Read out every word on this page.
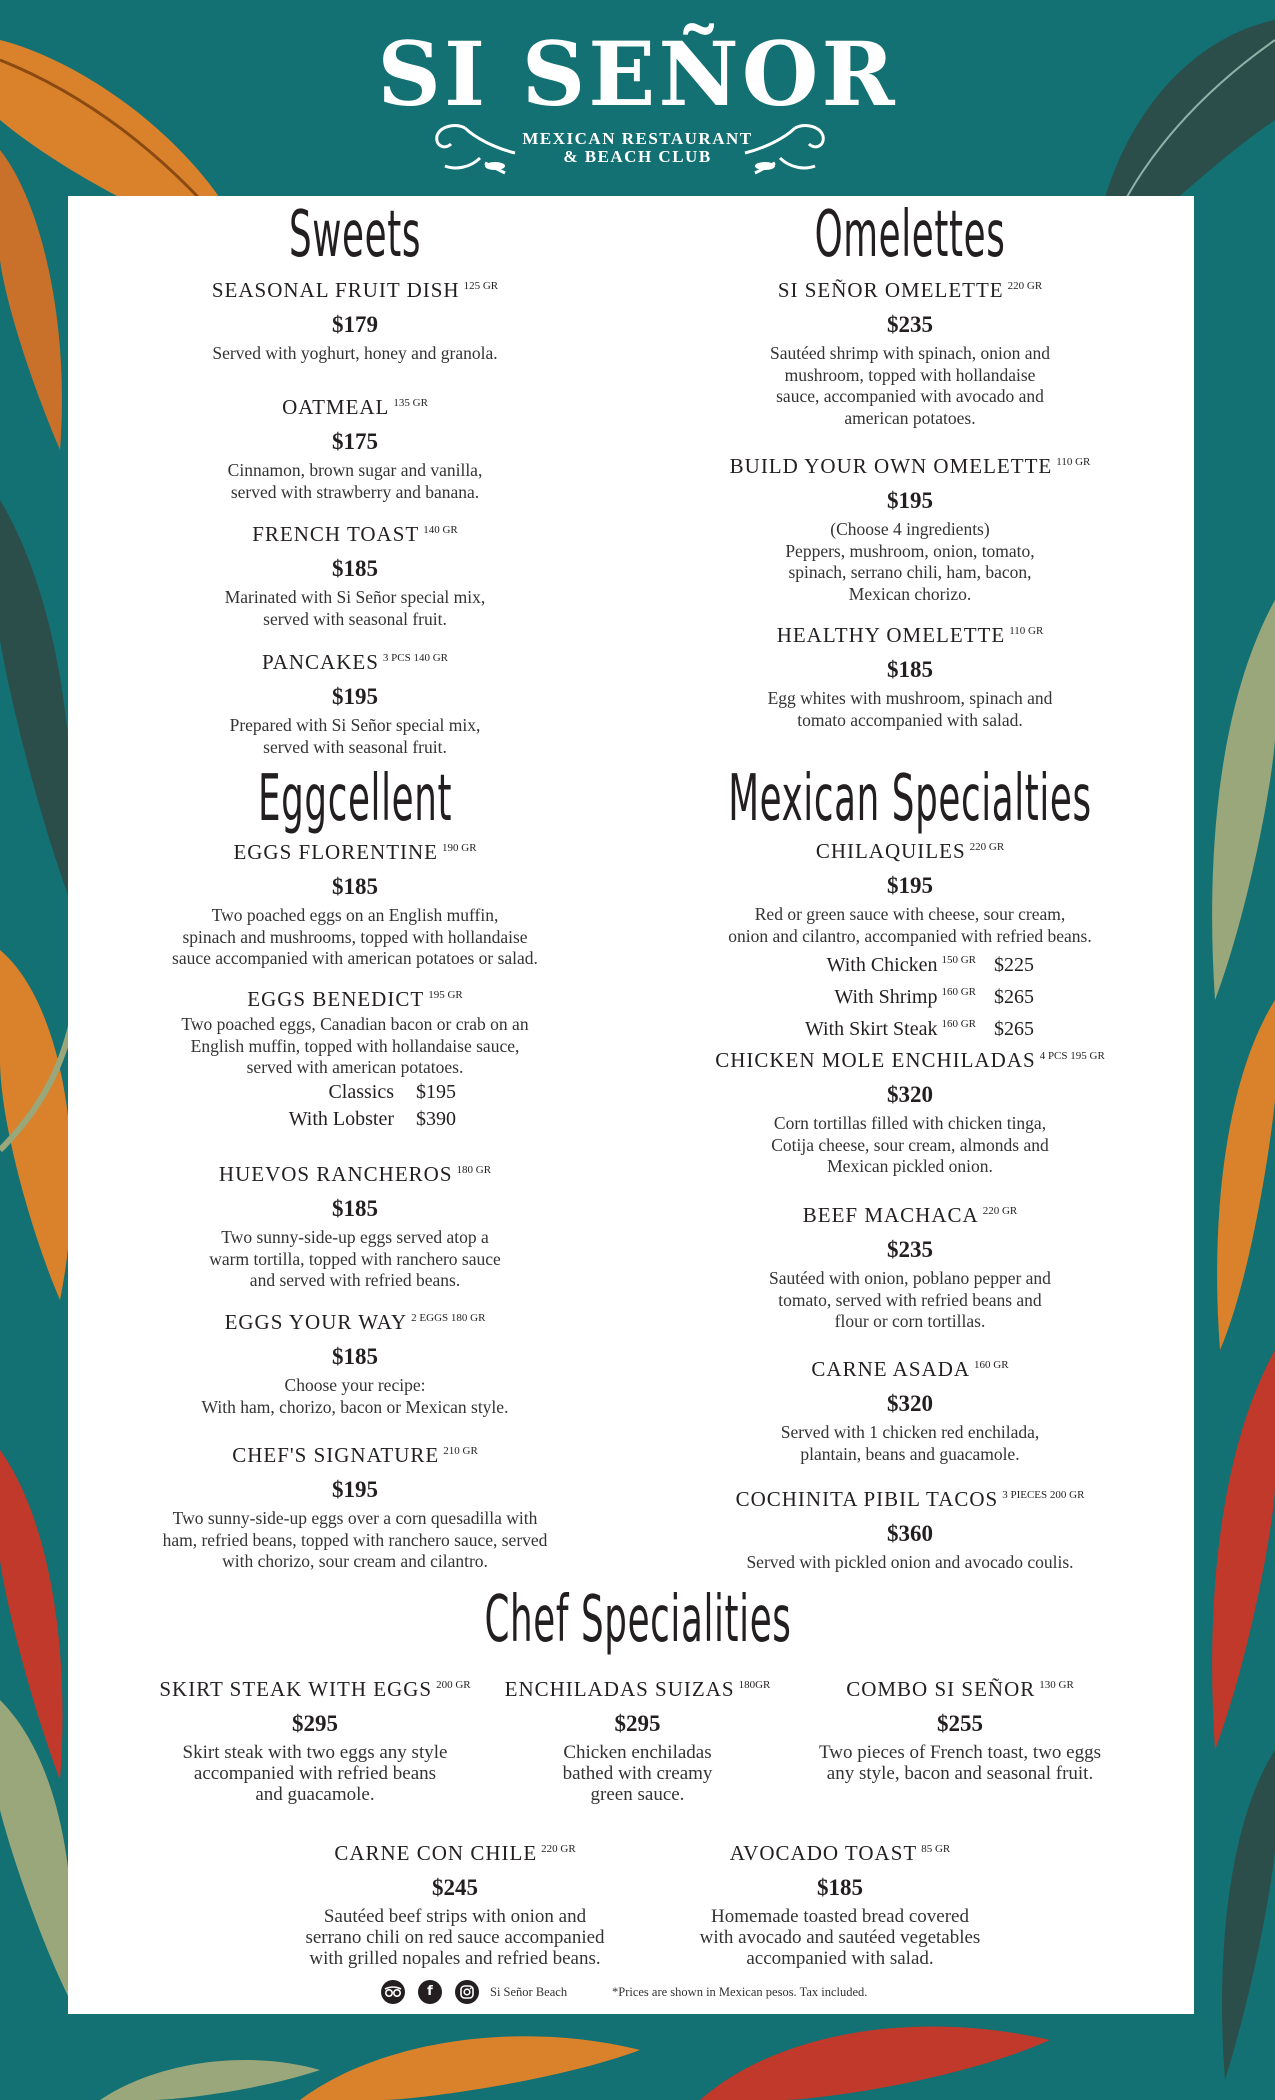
SI SEÑOR
MEXICAN RESTAURANT
& BEACH CLUB
Sweets
SEASONAL FRUIT DISH $^{125 GR}$
$179
Served with yoghurt, honey and granola.
OATMEAL $^{135 GR}$
$175
Cinnamon, brown sugar and vanilla,
served with strawberry and banana.
FRENCH TOAST $^{140 GR}$
$185
Marinated with Si Señor special mix,
served with seasonal fruit.
PANCAKES $^{3 PCS 140 GR}$
$195
Prepared with Si Señor special mix,
served with seasonal fruit.
Omelettes
SI SEÑOR OMELETTE $^{220 GR}$
$235
Sautéed shrimp with spinach, onion and
mushroom, topped with hollandaise
sauce, accompanied with avocado and
american potatoes.
BUILD YOUR OWN OMELETTE $^{110 GR}$
$195
(Choose 4 ingredients)
Peppers, mushroom, onion, tomato,
spinach, serrano chili, ham, bacon,
Mexican chorizo.
HEALTHY OMELETTE $^{110 GR}$
$185
Egg whites with mushroom, spinach and
tomato accompanied with salad.
Eggcellent
EGGS FLORENTINE $^{190 GR}$
$185
Two poached eggs on an English muffin,
spinach and mushrooms, topped with hollandaise
sauce accompanied with american potatoes or salad.
EGGS BENEDICT $^{195 GR}$
Two poached eggs, Canadian bacon or crab on an
English muffin, topped with hollandaise sauce,
served with american potatoes.
Classics $195
With Lobster $390
HUEVOS RANCHEROS $^{180 GR}$
$185
Two sunny-side-up eggs served atop a
warm tortilla, topped with ranchero sauce
and served with refried beans.
EGGS YOUR WAY $^{2 EGGS 180 GR}$
$185
Choose your recipe:
With ham, chorizo, bacon or Mexican style.
CHEF'S SIGNATURE $^{210 GR}$
$195
Two sunny-side-up eggs over a corn quesadilla with
ham, refried beans, topped with ranchero sauce, served
with chorizo, sour cream and cilantro.
Mexican Specialties
CHILAQUILES $^{220 GR}$
$195
Red or green sauce with cheese, sour cream,
onion and cilantro, accompanied with refried beans.
With Chicken $^{150 GR}$ $225
With Shrimp $^{160 GR}$ $265
With Skirt Steak $^{160 GR}$ $265
CHICKEN MOLE ENCHILADAS $^{4 PCS 195 GR}$
$320
Corn tortillas filled with chicken tinga,
Cotija cheese, sour cream, almonds and
Mexican pickled onion.
BEEF MACHACA $^{220 GR}$
$235
Sautéed with onion, poblano pepper and
tomato, served with refried beans and
flour or corn tortillas.
CARNE ASADA $^{160 GR}$
$320
Served with 1 chicken red enchilada,
plantain, beans and guacamole.
COCHINITA PIBIL TACOS $^{3 PIECES 200 GR}$
$360
Served with pickled onion and avocado coulis.
Chef Specialities
SKIRT STEAK WITH EGGS $^{200 GR}$
$295
Skirt steak with two eggs any style
accompanied with refried beans
and guacamole.
ENCHILADAS SUIZAS $^{180GR}$
$295
Chicken enchiladas
bathed with creamy
green sauce.
COMBO SI SEÑOR $^{130 GR}$
$255
Two pieces of French toast, two eggs
any style, bacon and seasonal fruit.
CARNE CON CHILE $^{220 GR}$
$245
Sautéed beef strips with onion and
serrano chili on red sauce accompanied
with grilled nopales and refried beans.
AVOCADO TOAST $^{85 GR}$
$185
Homemade toasted bread covered
with avocado and sautéed vegetables
accompanied with salad.
f	Si Señor Beach	*Prices are shown in Mexican pesos. Tax included.
